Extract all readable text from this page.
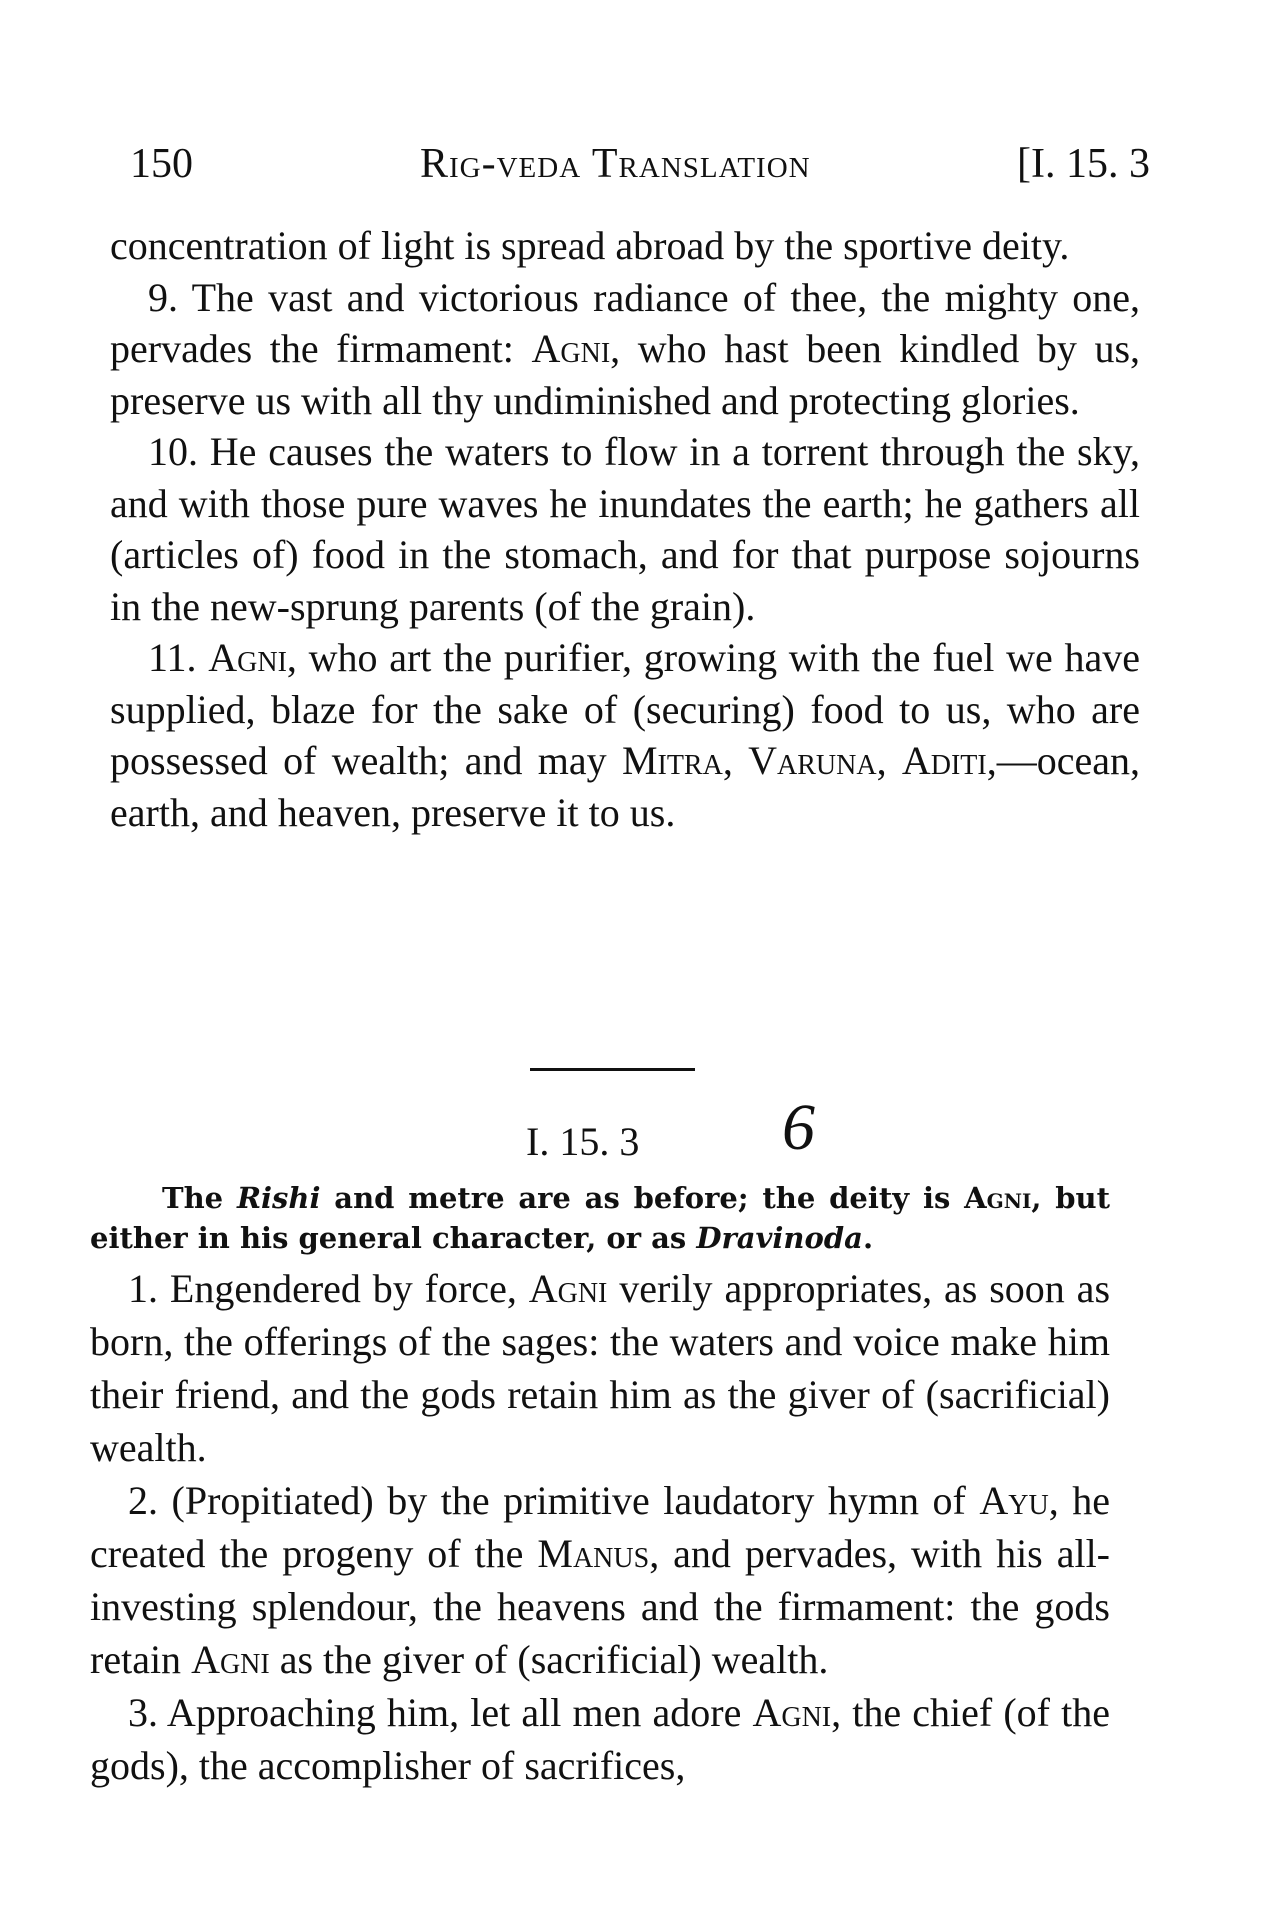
150	Rig-veda Translation	[I. 15. 3

concentration of light is spread abroad by the sportive deity.

9. The vast and victorious radiance of thee, the mighty one, pervades the firmament: Agni, who hast been kindled by us, preserve us with all thy undiminished and protecting glories.

10. He causes the waters to flow in a torrent through the sky, and with those pure waves he inundates the earth; he gathers all (articles of) food in the stomach, and for that purpose sojourns in the new-sprung parents (of the grain).

11. Agni, who art the purifier, growing with the fuel we have supplied, blaze for the sake of (securing) food to us, who are possessed of wealth; and may Mitra, Varuna, Aditi,—ocean, earth, and heaven, preserve it to us.

I. 15. 3 6

The Rishi and metre are as before; the deity is Agni, but either in his general character, or as Dravinoda.

1. Engendered by force, Agni verily appropriates, as soon as born, the offerings of the sages: the waters and voice make him their friend, and the gods retain him as the giver of (sacrificial) wealth.

2. (Propitiated) by the primitive laudatory hymn of Ayu, he created the progeny of the Manus, and pervades, with his all-investing splendour, the heavens and the firmament: the gods retain Agni as the giver of (sacrificial) wealth.

3. Approaching him, let all men adore Agni, the chief (of the gods), the accomplisher of sacrifices,
